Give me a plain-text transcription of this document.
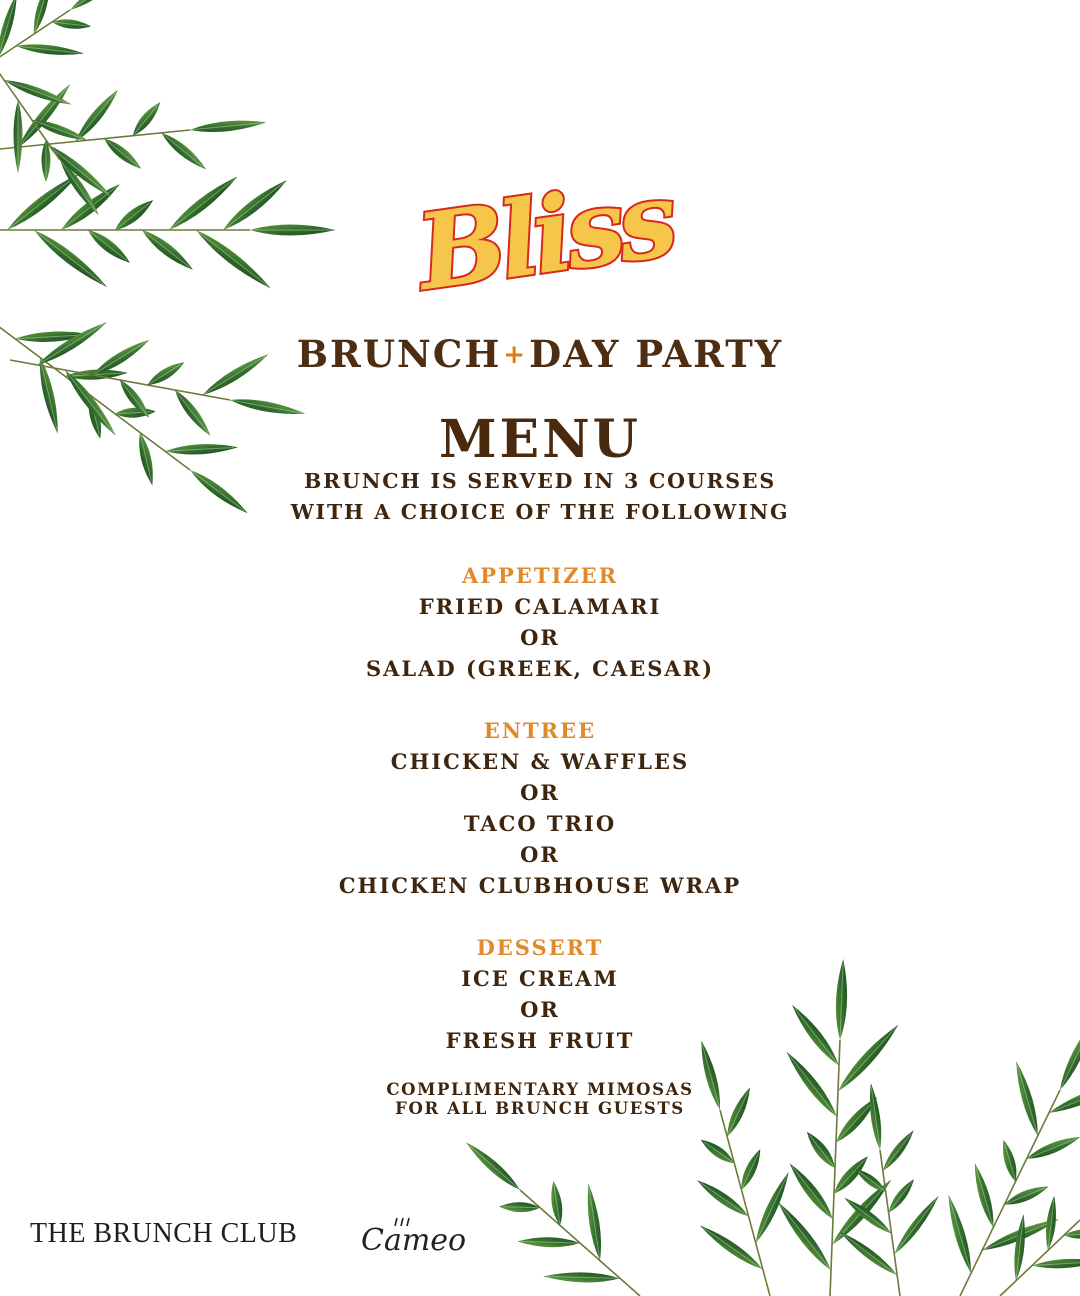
Bliss
BRUNCH+DAY PARTY
MENU
BRUNCH IS SERVED IN 3 COURSES
WITH A CHOICE OF THE FOLLOWING
APPETIZER
FRIED CALAMARI
OR
SALAD (GREEK, CAESAR)
ENTREE
CHICKEN & WAFFLES
OR
TACO TRIO
OR
CHICKEN CLUBHOUSE WRAP
DESSERT
ICE CREAM
OR
FRESH FRUIT
COMPLIMENTARY MIMOSAS
FOR ALL BRUNCH GUESTS
THE BRUNCH CLUB Cameo
